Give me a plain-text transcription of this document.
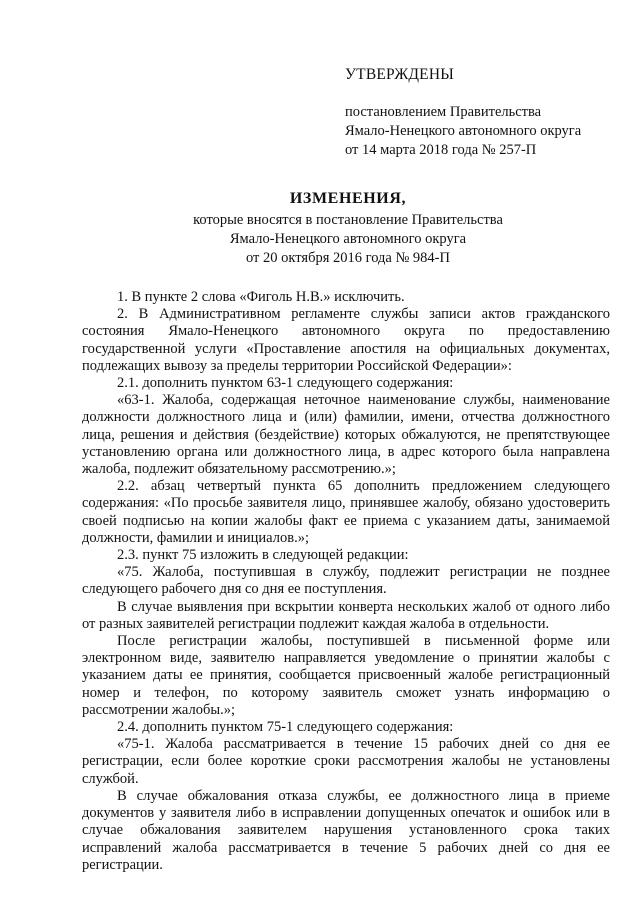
УТВЕРЖДЕНЫ
постановлением Правительства
Ямало-Ненецкого автономного округа
от 14 марта 2018 года № 257-П
ИЗМЕНЕНИЯ,
которые вносятся в постановление Правительства
Ямало-Ненецкого автономного округа
от 20 октября 2016 года № 984-П
1. В пункте 2 слова «Фиголь Н.В.» исключить.
2. В Административном регламенте службы записи актов гражданского состояния Ямало-Ненецкого автономного округа по предоставлению государственной услуги «Проставление апостиля на официальных документах, подлежащих вывозу за пределы территории Российской Федерации»:
2.1. дополнить пунктом 63-1 следующего содержания:
«63-1. Жалоба, содержащая неточное наименование службы, наименование должности должностного лица и (или) фамилии, имени, отчества должностного лица, решения и действия (бездействие) которых обжалуются, не препятствующее установлению органа или должностного лица, в адрес которого была направлена жалоба, подлежит обязательному рассмотрению.»;
2.2. абзац четвертый пункта 65 дополнить предложением следующего содержания: «По просьбе заявителя лицо, принявшее жалобу, обязано удостоверить своей подписью на копии жалобы факт ее приема с указанием даты, занимаемой должности, фамилии и инициалов.»;
2.3. пункт 75 изложить в следующей редакции:
«75. Жалоба, поступившая в службу, подлежит регистрации не позднее следующего рабочего дня со дня ее поступления.
В случае выявления при вскрытии конверта нескольких жалоб от одного либо от разных заявителей регистрации подлежит каждая жалоба в отдельности.
После регистрации жалобы, поступившей в письменной форме или электронном виде, заявителю направляется уведомление о принятии жалобы с указанием даты ее принятия, сообщается присвоенный жалобе регистрационный номер и телефон, по которому заявитель сможет узнать информацию о рассмотрении жалобы.»;
2.4. дополнить пунктом 75-1 следующего содержания:
«75-1. Жалоба рассматривается в течение 15 рабочих дней со дня ее регистрации, если более короткие сроки рассмотрения жалобы не установлены службой.
В случае обжалования отказа службы, ее должностного лица в приеме документов у заявителя либо в исправлении допущенных опечаток и ошибок или в случае обжалования заявителем нарушения установленного срока таких исправлений жалоба рассматривается в течение 5 рабочих дней со дня ее регистрации.
